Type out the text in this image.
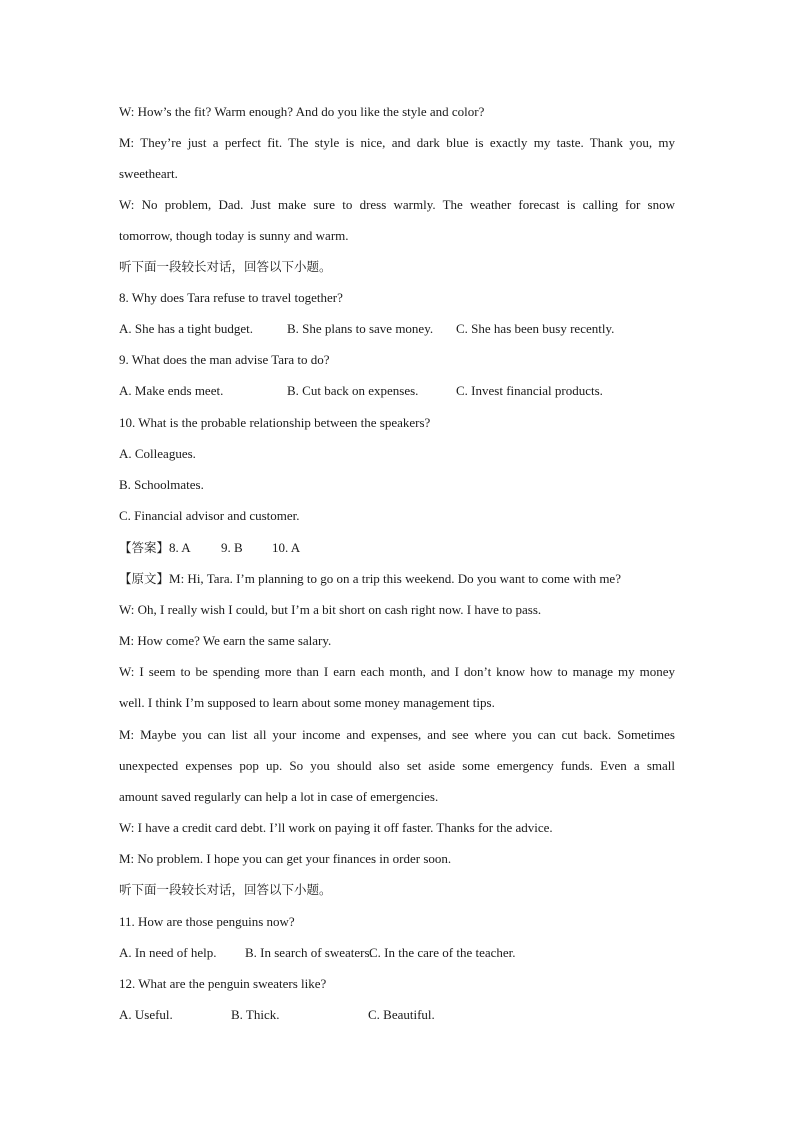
W: How’s the fit? Warm enough? And do you like the style and color?
M: They’re just a perfect fit. The style is nice, and dark blue is exactly my taste. Thank you, my
sweetheart.
W: No problem, Dad. Just make sure to dress warmly. The weather forecast is calling for snow
tomorrow, though today is sunny and warm.
听下面一段较长对话，回答以下小题。
8. Why does Tara refuse to travel together?
A. She has a tight budget.	B. She plans to save money.	C. She has been busy recently.
9. What does the man advise Tara to do?
A. Make ends meet.	B. Cut back on expenses.	C. Invest financial products.
10. What is the probable relationship between the speakers?
A. Colleagues.
B. Schoolmates.
C. Financial advisor and customer.
【答案】 8. A	9. B	10. A
【原文】 M: Hi, Tara. I’m planning to go on a trip this weekend. Do you want to come with me?
W: Oh, I really wish I could, but I’m a bit short on cash right now. I have to pass.
M: How come? We earn the same salary.
W: I seem to be spending more than I earn each month, and I don’t know how to manage my money
well. I think I’m supposed to learn about some money management tips.
M: Maybe you can list all your income and expenses, and see where you can cut back. Sometimes
unexpected expenses pop up. So you should also set aside some emergency funds. Even a small
amount saved regularly can help a lot in case of emergencies.
W: I have a credit card debt. I’ll work on paying it off faster. Thanks for the advice.
M: No problem. I hope you can get your finances in order soon.
听下面一段较长对话，回答以下小题。
11. How are those penguins now?
A. In need of help.	B. In search of sweaters.
C. In the care of the teacher.
12. What are the penguin sweaters like?
A. Useful.	B. Thick.	C. Beautiful.
